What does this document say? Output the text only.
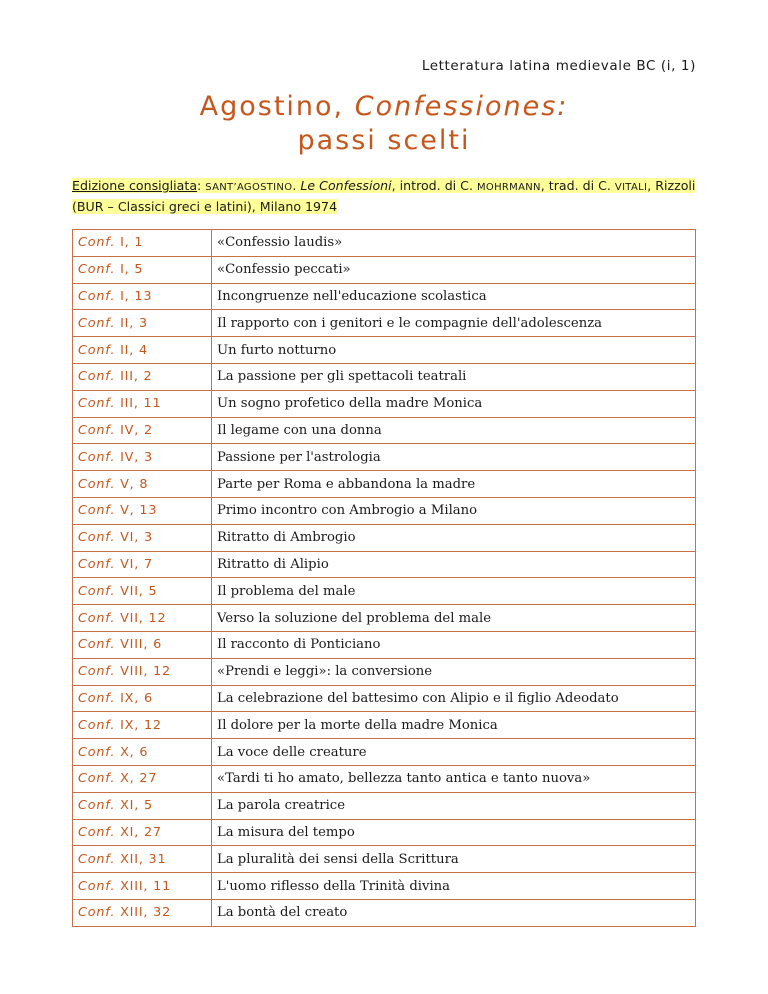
Letteratura latina medievale BC (i, 1)
Agostino, Confessiones:
passi scelti
Edizione consigliata: SANT’AGOSTINO. Le Confessioni, introd. di C. MOHRMANN, trad. di C. VITALI, Rizzoli (BUR – Classici greci e latini), Milano 1974
Conf. I, 1	«Confessio laudis»
Conf. I, 5	«Confessio peccati»
Conf. I, 13	Incongruenze nell'educazione scolastica
Conf. II, 3	Il rapporto con i genitori e le compagnie dell'adolescenza
Conf. II, 4	Un furto notturno
Conf. III, 2	La passione per gli spettacoli teatrali
Conf. III, 11	Un sogno profetico della madre Monica
Conf. IV, 2	Il legame con una donna
Conf. IV, 3	Passione per l'astrologia
Conf. V, 8	Parte per Roma e abbandona la madre
Conf. V, 13	Primo incontro con Ambrogio a Milano
Conf. VI, 3	Ritratto di Ambrogio
Conf. VI, 7	Ritratto di Alipio
Conf. VII, 5	Il problema del male
Conf. VII, 12	Verso la soluzione del problema del male
Conf. VIII, 6	Il racconto di Ponticiano
Conf. VIII, 12	«Prendi e leggi»: la conversione
Conf. IX, 6	La celebrazione del battesimo con Alipio e il figlio Adeodato
Conf. IX, 12	Il dolore per la morte della madre Monica
Conf. X, 6	La voce delle creature
Conf. X, 27	«Tardi ti ho amato, bellezza tanto antica e tanto nuova»
Conf. XI, 5	La parola creatrice
Conf. XI, 27	La misura del tempo
Conf. XII, 31	La pluralità dei sensi della Scrittura
Conf. XIII, 11	L'uomo riflesso della Trinità divina
Conf. XIII, 32	La bontà del creato
